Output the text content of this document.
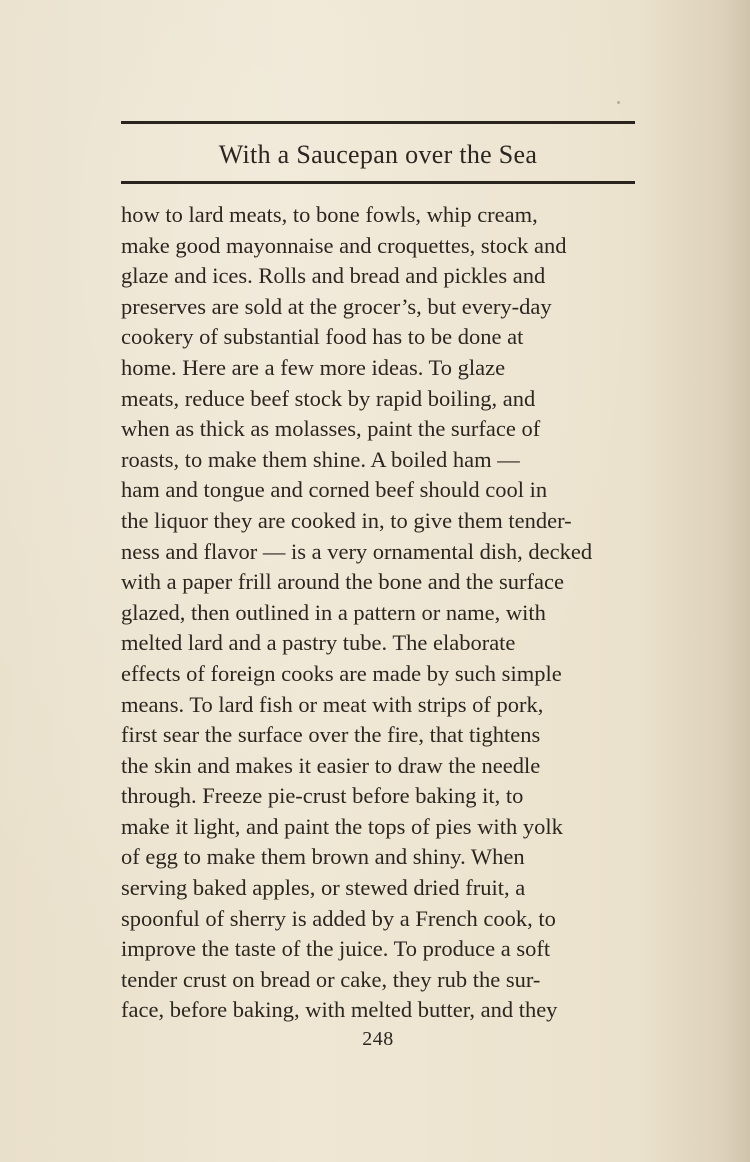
With a Saucepan over the Sea
how to lard meats, to bone fowls, whip cream,
make good mayonnaise and croquettes, stock and
glaze and ices. Rolls and bread and pickles and
preserves are sold at the grocer’s, but every-day
cookery of substantial food has to be done at
home. Here are a few more ideas. To glaze
meats, reduce beef stock by rapid boiling, and
when as thick as molasses, paint the surface of
roasts, to make them shine. A boiled ham —
ham and tongue and corned beef should cool in
the liquor they are cooked in, to give them tender-
ness and flavor — is a very ornamental dish, decked
with a paper frill around the bone and the surface
glazed, then outlined in a pattern or name, with
melted lard and a pastry tube. The elaborate
effects of foreign cooks are made by such simple
means. To lard fish or meat with strips of pork,
first sear the surface over the fire, that tightens
the skin and makes it easier to draw the needle
through. Freeze pie-crust before baking it, to
make it light, and paint the tops of pies with yolk
of egg to make them brown and shiny. When
serving baked apples, or stewed dried fruit, a
spoonful of sherry is added by a French cook, to
improve the taste of the juice. To produce a soft
tender crust on bread or cake, they rub the sur-
face, before baking, with melted butter, and they
248
